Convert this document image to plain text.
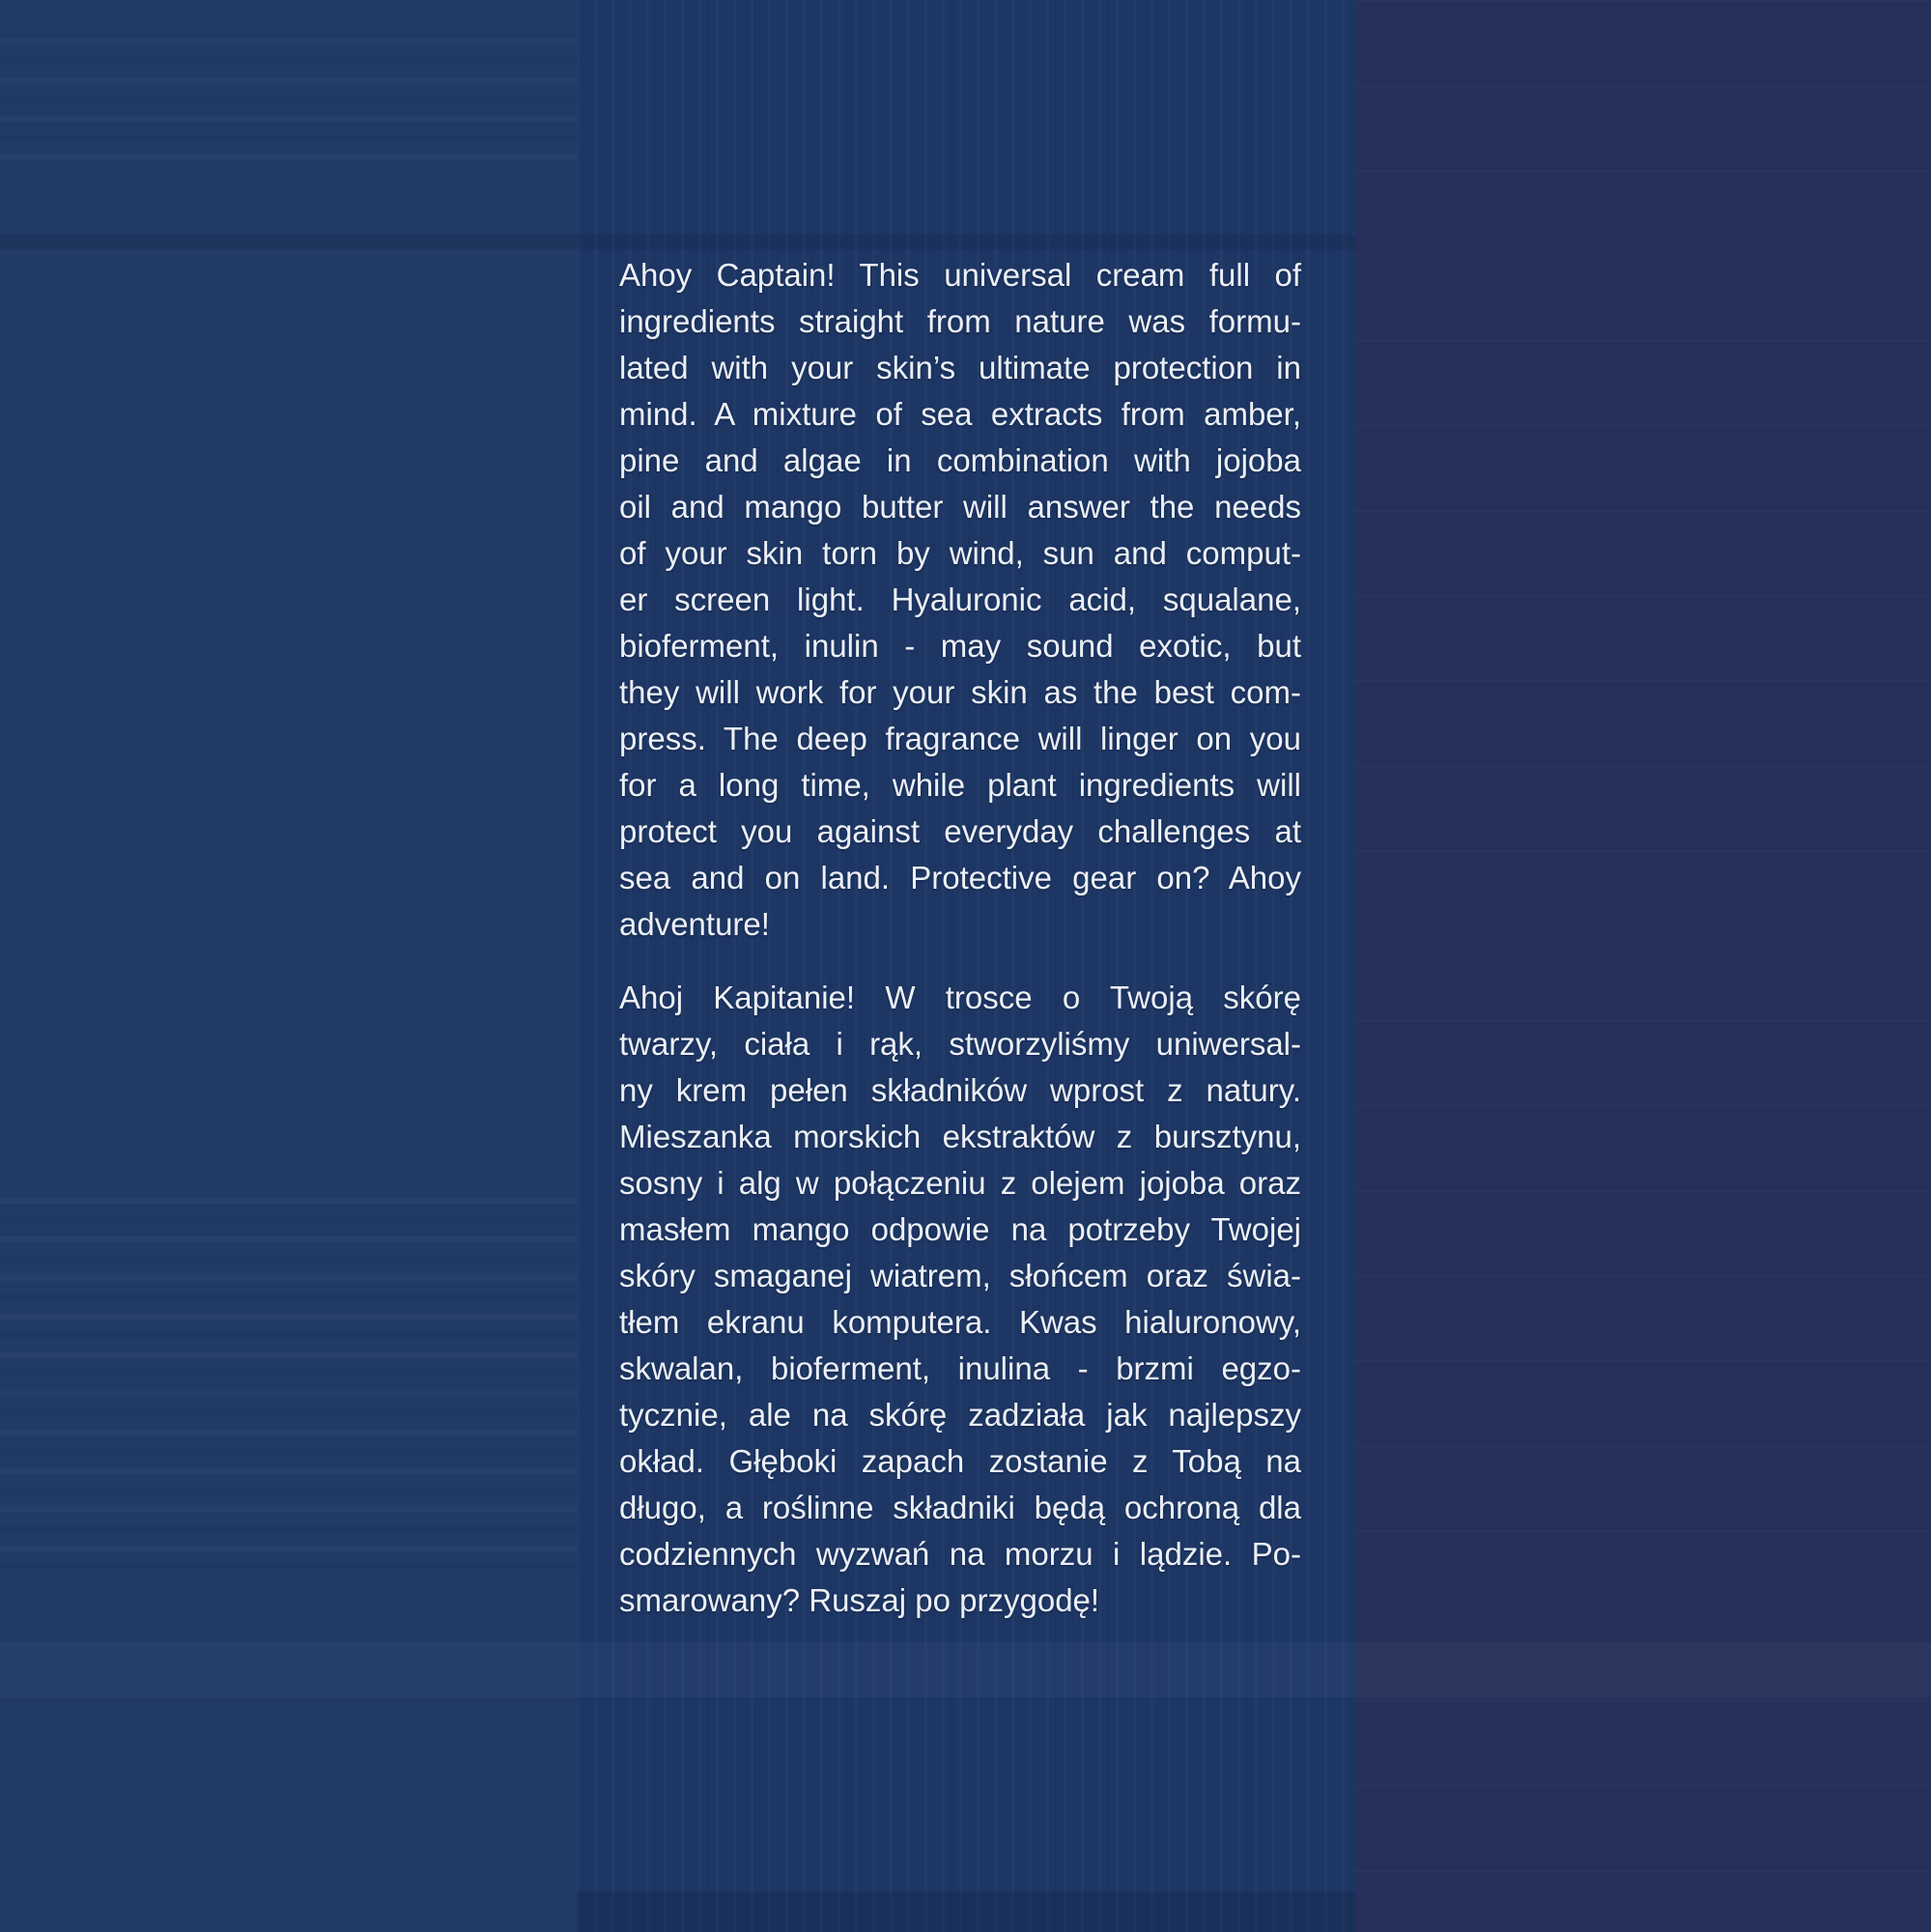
Ahoy Captain! This universal cream full of
ingredients straight from nature was formu-
lated with your skin’s ultimate protection in
mind. A mixture of sea extracts from amber,
pine and algae in combination with jojoba
oil and mango butter will answer the needs
of your skin torn by wind, sun and comput-
er screen light. Hyaluronic acid, squalane,
bioferment, inulin - may sound exotic, but
they will work for your skin as the best com-
press. The deep fragrance will linger on you
for a long time, while plant ingredients will
protect you against everyday challenges at
sea and on land. Protective gear on? Ahoy
adventure!
Ahoj Kapitanie! W trosce o Twoją skórę
twarzy, ciała i rąk, stworzyliśmy uniwersal-
ny krem pełen składników wprost z natury.
Mieszanka morskich ekstraktów z bursztynu,
sosny i alg w połączeniu z olejem jojoba oraz
masłem mango odpowie na potrzeby Twojej
skóry smaganej wiatrem, słońcem oraz świa-
tłem ekranu komputera. Kwas hialuronowy,
skwalan, bioferment, inulina - brzmi egzo-
tycznie, ale na skórę zadziała jak najlepszy
okład. Głęboki zapach zostanie z Tobą na
długo, a roślinne składniki będą ochroną dla
codziennych wyzwań na morzu i lądzie. Po-
smarowany? Ruszaj po przygodę!
